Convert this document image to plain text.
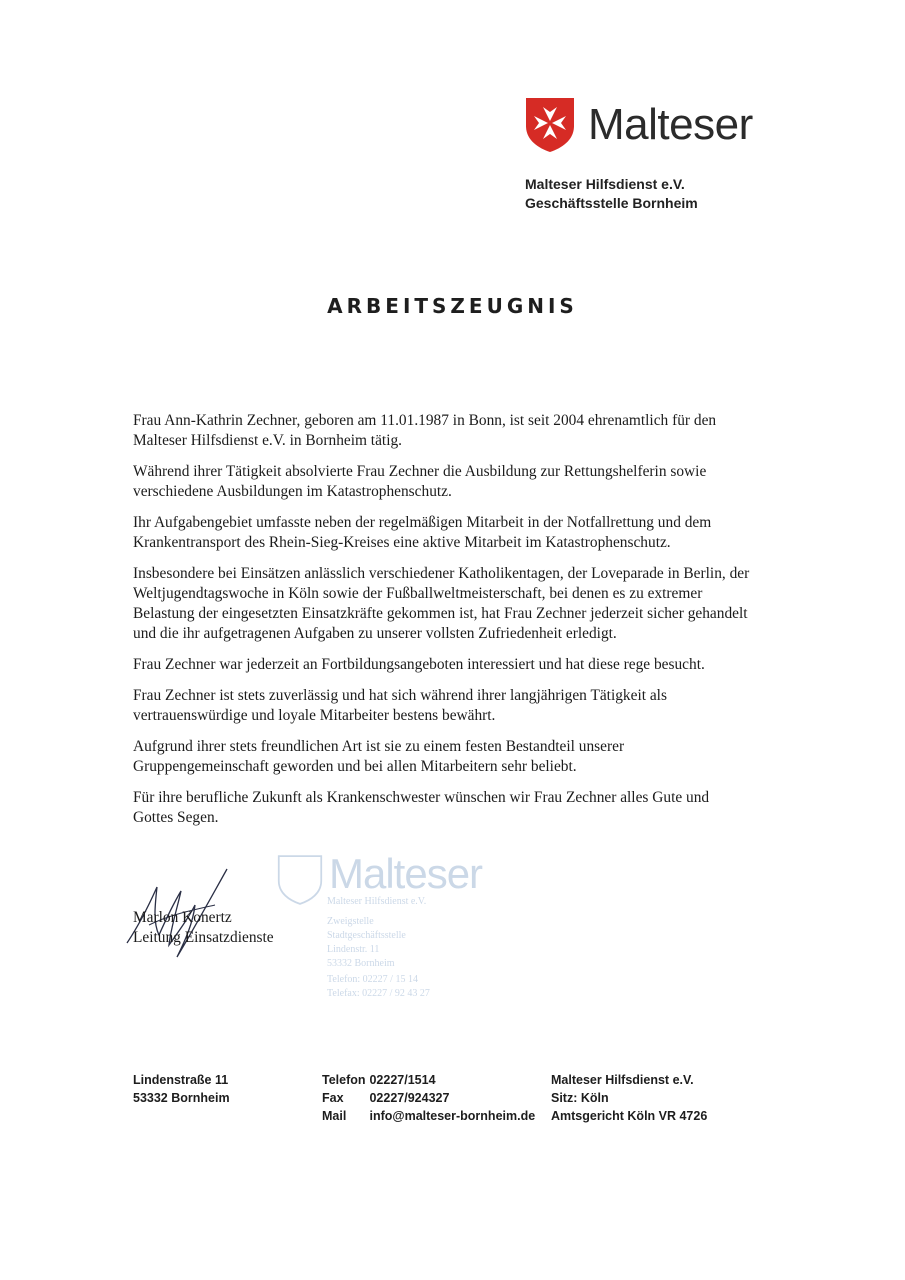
Malteser
Malteser Hilfsdienst e.V.
Geschäftsstelle Bornheim
ARBEITSZEUGNIS

Frau Ann-Kathrin Zechner, geboren am 11.01.1987 in Bonn, ist seit 2004 ehrenamtlich für den Malteser Hilfsdienst e.V. in Bornheim tätig.

Während ihrer Tätigkeit absolvierte Frau Zechner die Ausbildung zur Rettungshelferin sowie verschiedene Ausbildungen im Katastrophenschutz.

Ihr Aufgabengebiet umfasste neben der regelmäßigen Mitarbeit in der Notfallrettung und dem Krankentransport des Rhein-Sieg-Kreises eine aktive Mitarbeit im Katastrophenschutz.

Insbesondere bei Einsätzen anlässlich verschiedener Katholikentagen, der Loveparade in Berlin, der Weltjugendtagswoche in Köln sowie der Fußballweltmeisterschaft, bei denen es zu extremer Belastung der eingesetzten Einsatzkräfte gekommen ist, hat Frau Zechner jederzeit sicher gehandelt und die ihr aufgetragenen Aufgaben zu unserer vollsten Zufriedenheit erledigt.

Frau Zechner war jederzeit an Fortbildungsangeboten interessiert und hat diese rege besucht.

Frau Zechner ist stets zuverlässig und hat sich während ihrer langjährigen Tätigkeit als vertrauenswürdige und loyale Mitarbeiter bestens bewährt.

Aufgrund ihrer stets freundlichen Art ist sie zu einem festen Bestandteil unserer Gruppengemeinschaft geworden und bei allen Mitarbeitern sehr beliebt.

Für ihre berufliche Zukunft als Krankenschwester wünschen wir Frau Zechner alles Gute und Gottes Segen.

Marlon Konertz
Leitung Einsatzdienste
Malteser
Malteser Hilfsdienst e.V.
Zweigstelle
Stadtgeschäftsstelle
Lindenstr. 11
53332 Bornheim
Telefon: 02227 / 15 14
Telefax: 02227 / 92 43 27
Lindenstraße 11
53332 Bornheim
Telefon 02227/1514
Fax 02227/924327
Mail info@malteser-bornheim.de
Malteser Hilfsdienst e.V.
Sitz: Köln
Amtsgericht Köln VR 4726
